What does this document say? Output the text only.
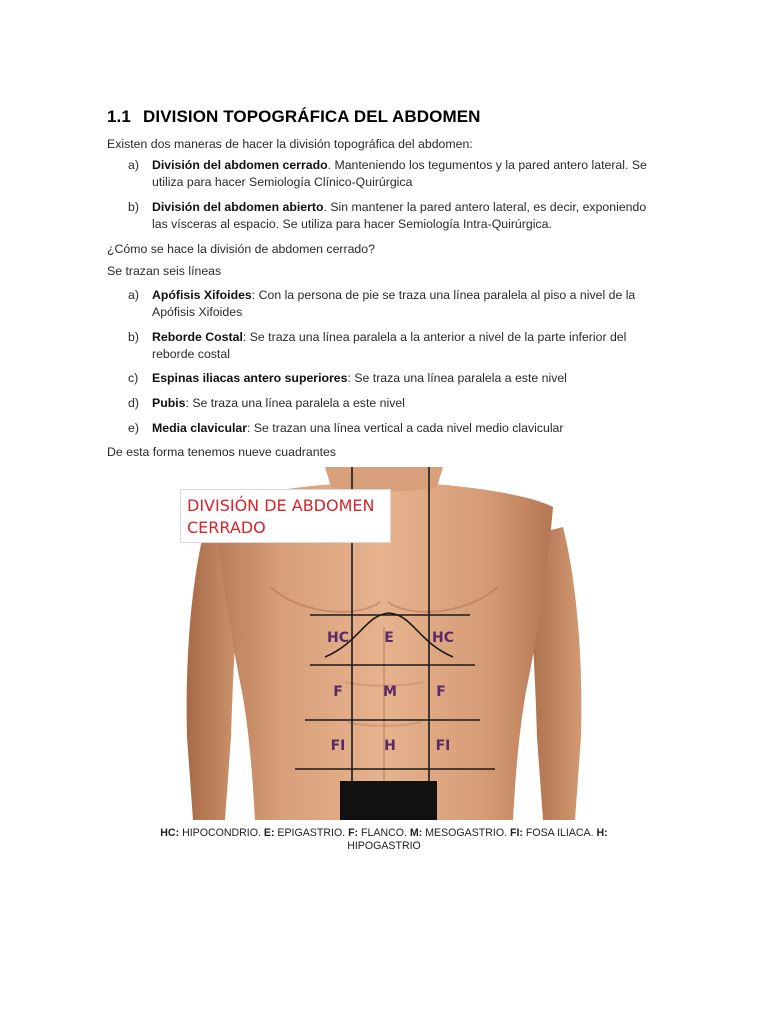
1.1 DIVISION TOPOGRÁFICA DEL ABDOMEN
Existen dos maneras de hacer la división topográfica del abdomen:
a) División del abdomen cerrado. Manteniendo los tegumentos y la pared antero lateral. Se
utiliza para hacer Semiología Clínico-Quirúrgica
b) División del abdomen abierto. Sin mantener la pared antero lateral, es decir, exponiendo
las vísceras al espacio. Se utiliza para hacer Semiología Intra-Quirúrgica.
¿Cómo se hace la división de abdomen cerrado?
Se trazan seis líneas
a) Apófisis Xifoides: Con la persona de pie se traza una línea paralela al piso a nivel de la
Apófisis Xifoides
b) Reborde Costal: Se traza una línea paralela a la anterior a nivel de la parte inferior del
reborde costal
c) Espinas iliacas antero superiores: Se traza una línea paralela a este nivel
d) Pubis: Se traza una línea paralela a este nivel
e) Media clavicular: Se trazan una línea vertical a cada nivel medio clavicular
De esta forma tenemos nueve cuadrantes
DIVISIÓN DE ABDOMEN
CERRADO
HC	E	HC
F	M	F
FI	H	FI
HC: HIPOCONDRIO. E: EPIGASTRIO. F: FLANCO. M: MESOGASTRIO. FI: FOSA ILIACA. H:
HIPOGASTRIO
